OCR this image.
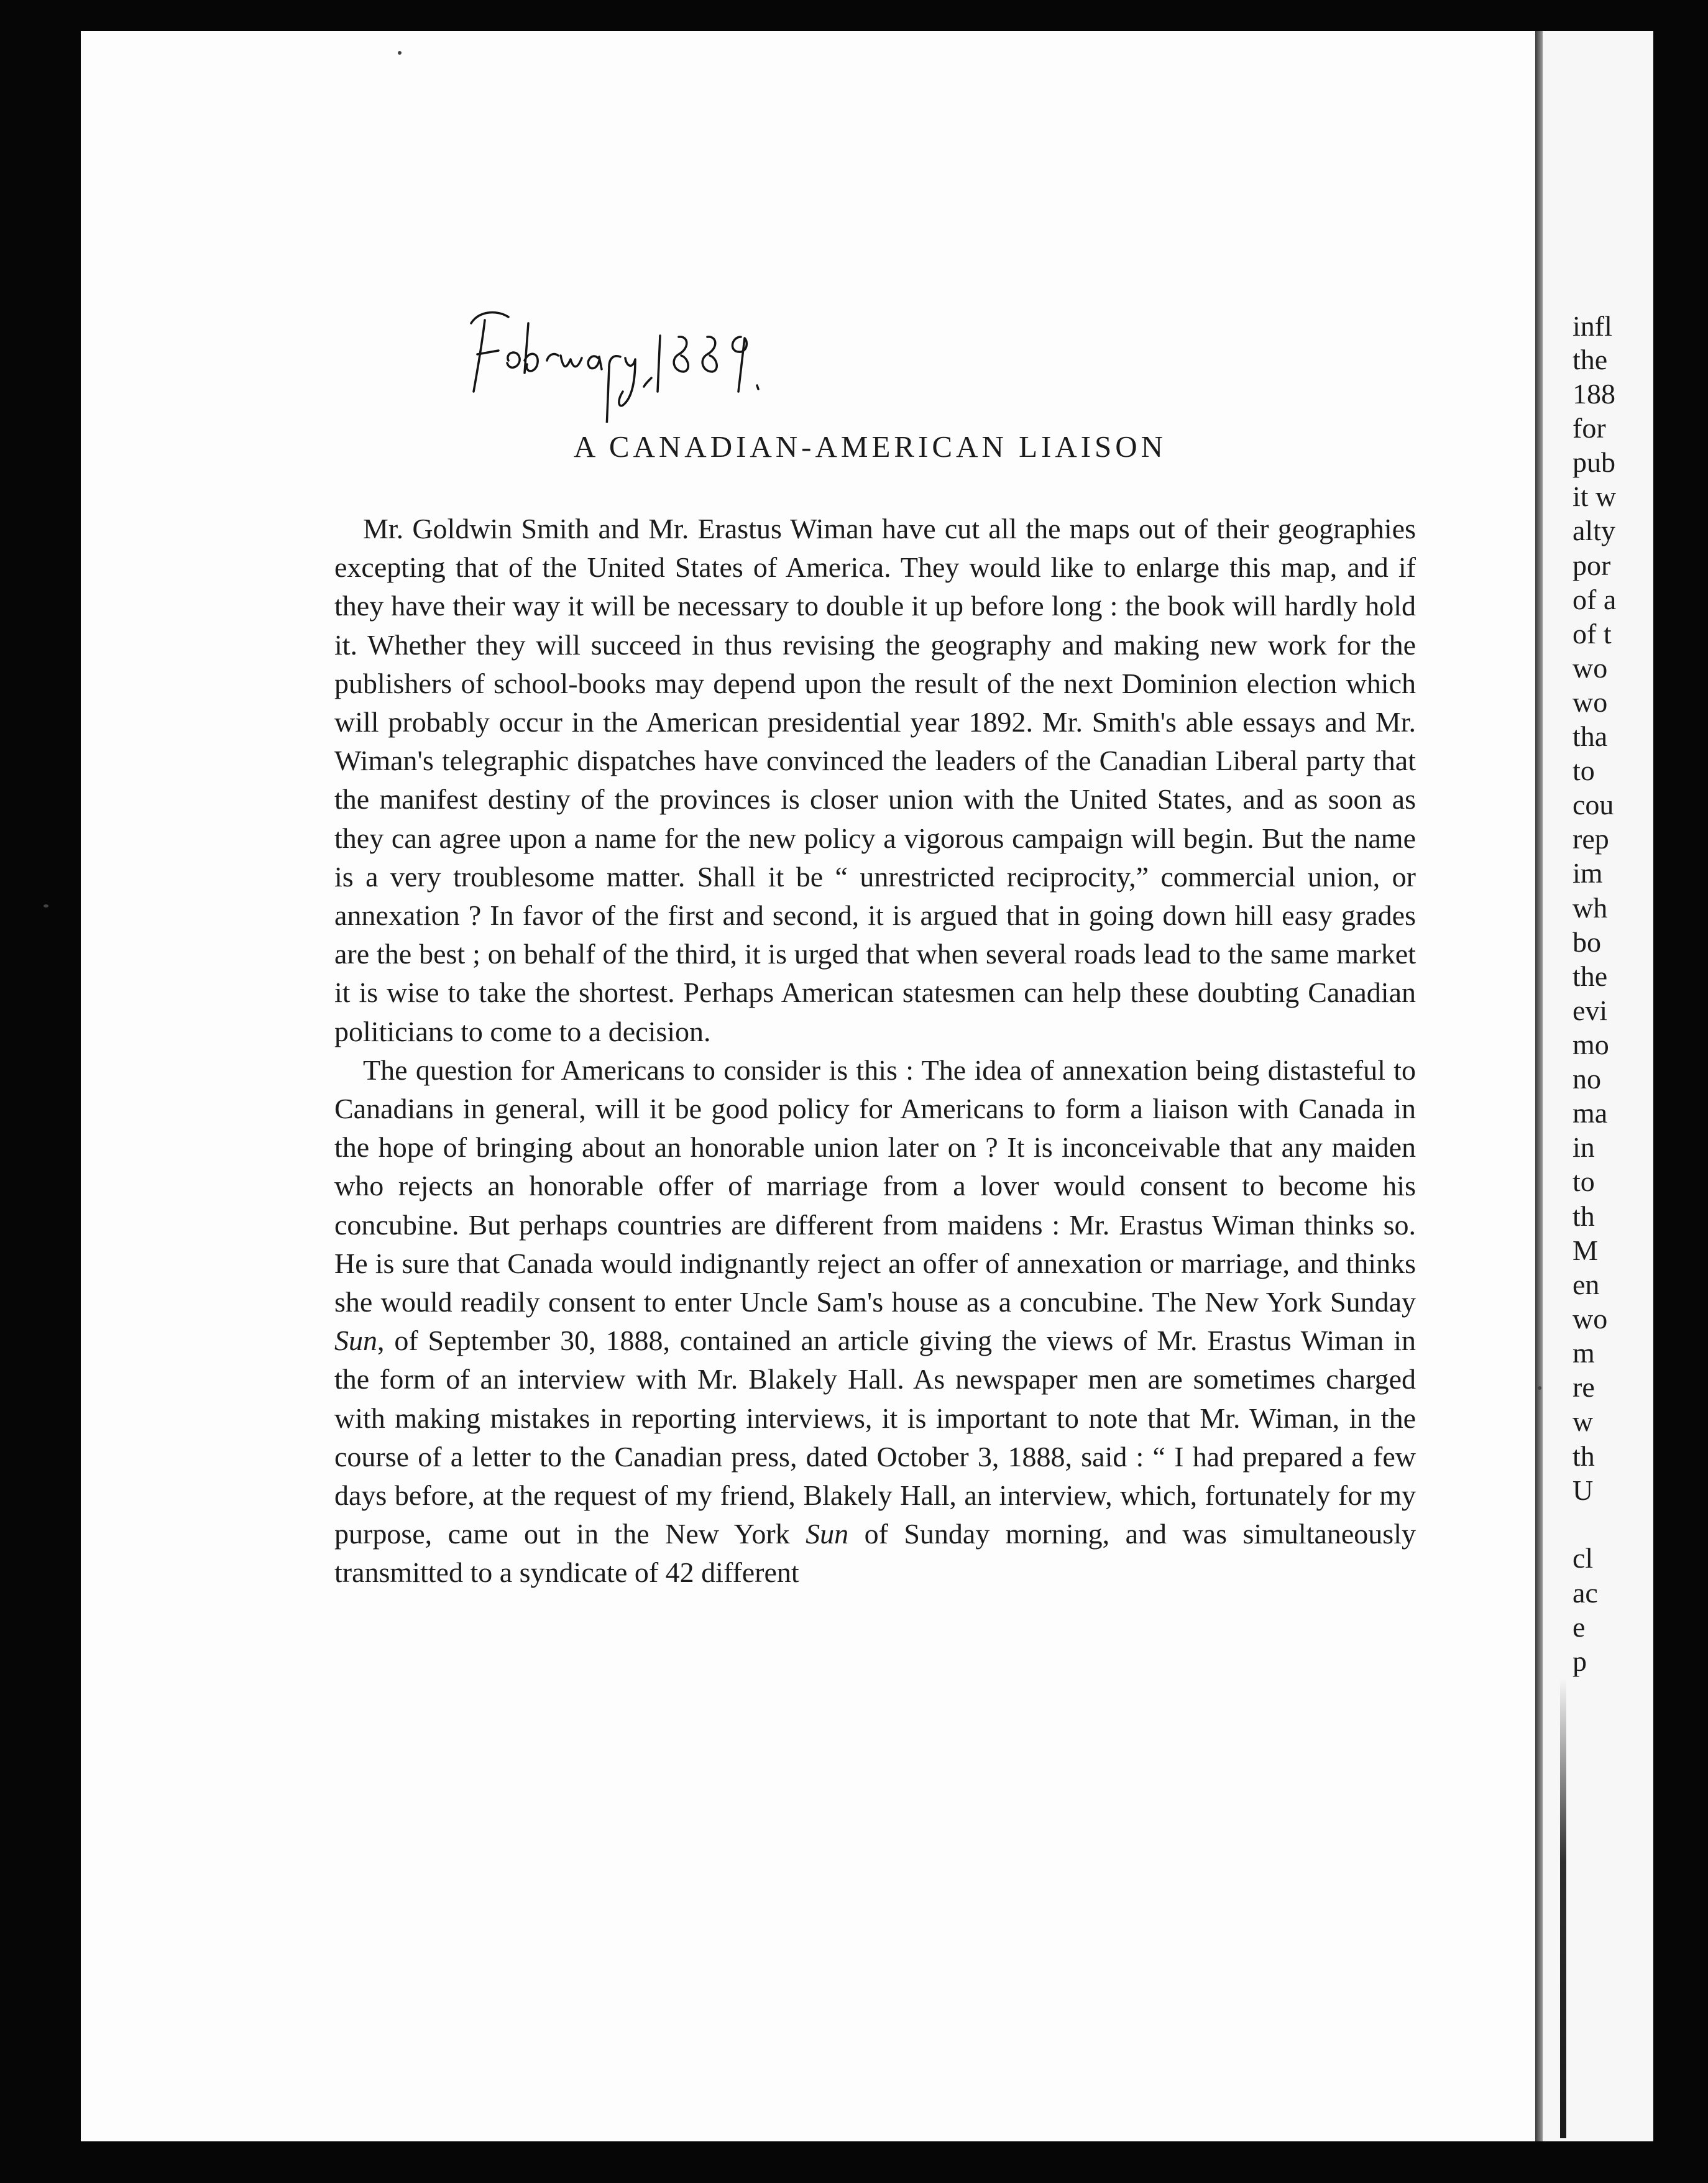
A CANADIAN-AMERICAN LIAISON

Mr. Goldwin Smith and Mr. Erastus Wiman have cut all the maps out of their geographies excepting that of the United States of America. They would like to enlarge this map, and if they have their way it will be necessary to double it up before long : the book will hardly hold it. Whether they will succeed in thus revising the geography and making new work for the publishers of school-books may depend upon the result of the next Dominion election which will probably occur in the American presidential year 1892. Mr. Smith's able essays and Mr. Wiman's telegraphic dispatches have convinced the leaders of the Canadian Liberal party that the manifest destiny of the provinces is closer union with the United States, and as soon as they can agree upon a name for the new policy a vigorous campaign will begin. But the name is a very troublesome matter. Shall it be “ unrestricted reciprocity,” commercial union, or annexation ? In favor of the first and second, it is argued that in going down hill easy grades are the best ; on behalf of the third, it is urged that when several roads lead to the same market it is wise to take the shortest. Perhaps American statesmen can help these doubting Canadian politicians to come to a decision.

The question for Americans to consider is this : The idea of annexation being distasteful to Canadians in general, will it be good policy for Americans to form a liaison with Canada in the hope of bringing about an honorable union later on ? It is inconceivable that any maiden who rejects an honorable offer of marriage from a lover would consent to become his concubine. But perhaps countries are different from maidens : Mr. Erastus Wiman thinks so. He is sure that Canada would indignantly reject an offer of annexation or marriage, and thinks she would readily consent to enter Uncle Sam's house as a concubine. The New York Sunday Sun, of September 30, 1888, contained an article giving the views of Mr. Erastus Wiman in the form of an interview with Mr. Blakely Hall. As newspaper men are sometimes charged with making mistakes in reporting interviews, it is important to note that Mr. Wiman, in the course of a letter to the Canadian press, dated October 3, 1888, said : “ I had prepared a few days before, at the request of my friend, Blakely Hall, an interview, which, fortunately for my purpose, came out in the New York Sun of Sunday morning, and was simultaneously transmitted to a syndicate of 42 different

infl
the
188
for
pub
it w
alty
por
of a
of t
wo
wo
tha
to
cou
rep
im
wh
bo
the
evi
mo
no
ma
in
to
th
M
en
wo
m
re
w
th
U
cl
ac
e
p
